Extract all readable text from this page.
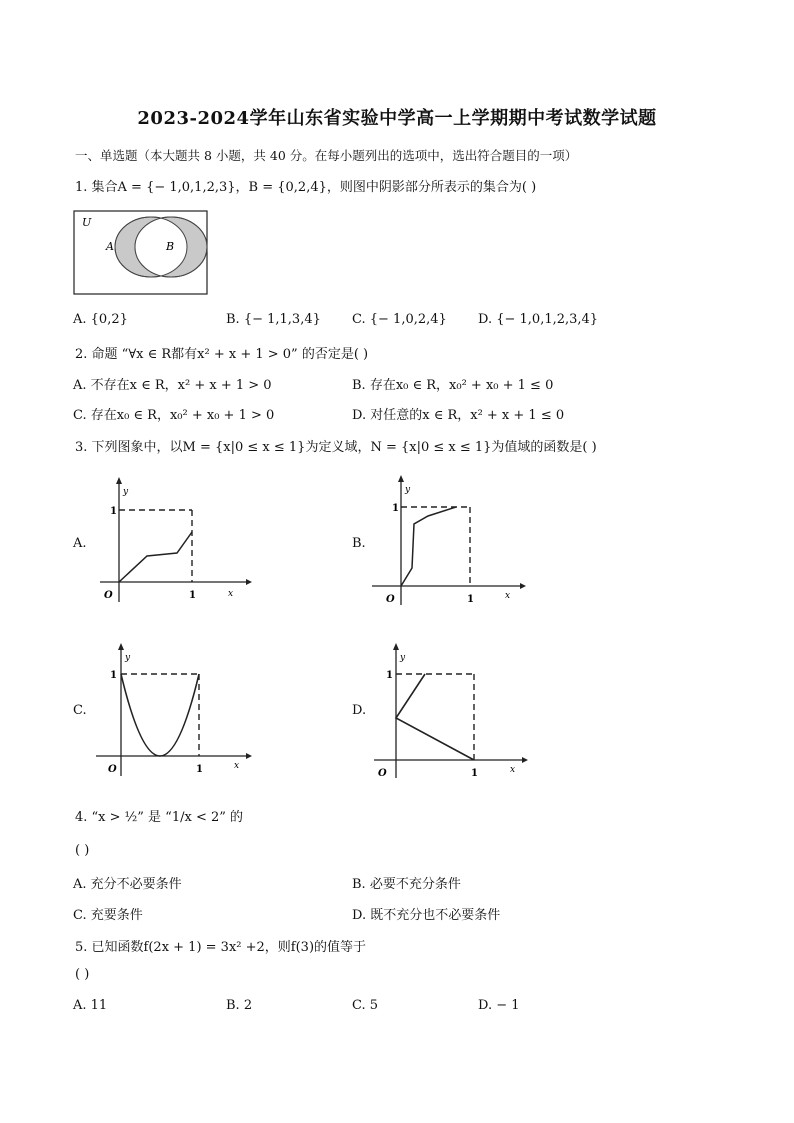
2023-2024学年山东省实验中学高一上学期期中考试数学试题
一、单选题（本大题共 8 小题，共 40 分。在每小题列出的选项中，选出符合题目的一项）
1. 集合A = {− 1,0,1,2,3}，B = {0,2,4}，则图中阴影部分所表示的集合为( )
U
A	B
A. {0,2}	B. {− 1,1,3,4} C. {− 1,0,2,4} D. {− 1,0,1,2,3,4}
2. 命题 “∀x ∈ R都有x² + x + 1 > 0” 的否定是( )
A. 不存在x ∈ R，x² + x + 1 > 0	B. 存在x₀ ∈ R，x₀² + x₀ + 1 ≤ 0
C. 存在x₀ ∈ R，x₀² + x₀ + 1 > 0	D. 对任意的x ∈ R，x² + x + 1 ≤ 0
3. 下列图象中，以M = {x|0 ≤ x ≤ 1}为定义域，N = {x|0 ≤ x ≤ 1}为值域的函数是( )
A.
O
1
1	x
y
B.
O
1
1	x
y
C.
O
1
1	x
y
D.
O
1
1	x
y
4. “x > ½” 是 “1/x < 2” 的
( )
A. 充分不必要条件	B. 必要不充分条件
C. 充要条件	D. 既不充分也不必要条件
5. 已知函数f(2x + 1) = 3x² +2，则f(3)的值等于
( )
A. 11	B. 2	C. 5	D. − 1
